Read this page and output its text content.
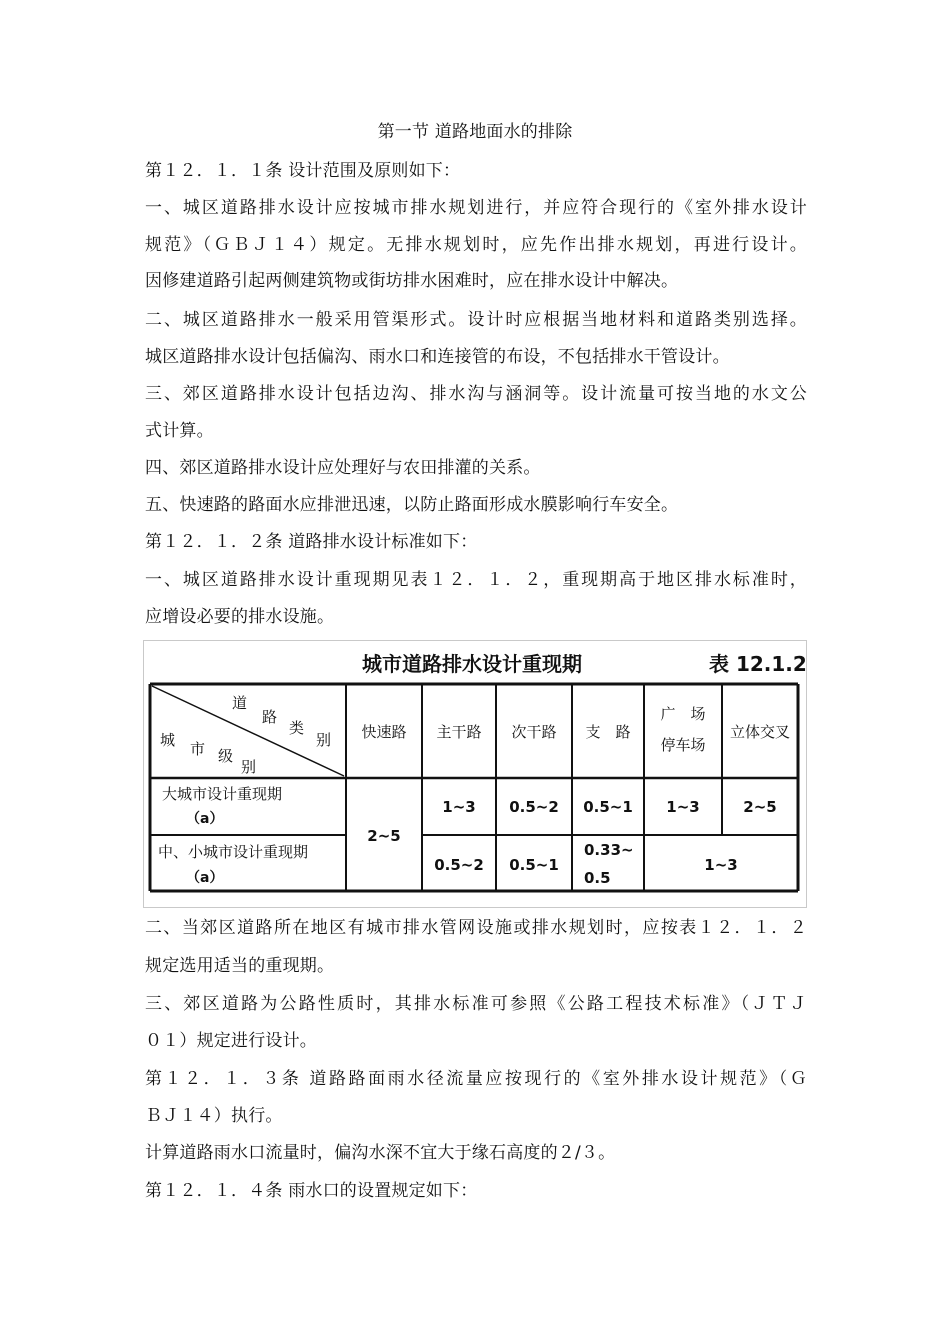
第一节 道路地面水的排除
第１２．１．１条 设计范围及原则如下：
一、城区道路排水设计应按城市排水规划进行，并应符合现行的《室外排水设计
规范》（ＧＢＪ１４）规定。无排水规划时，应先作出排水规划，再进行设计。
因修建道路引起两侧建筑物或街坊排水困难时，应在排水设计中解决。
二、城区道路排水一般采用管渠形式。设计时应根据当地材料和道路类别选择。
城区道路排水设计包括偏沟、雨水口和连接管的布设，不包括排水干管设计。
三、郊区道路排水设计包括边沟、排水沟与涵洞等。设计流量可按当地的水文公
式计算。
四、郊区道路排水设计应处理好与农田排灌的关系。
五、快速路的路面水应排泄迅速，以防止路面形成水膜影响行车安全。
第１２．１．２条 道路排水设计标准如下：
一、城区道路排水设计重现期见表１２．１．２，重现期高于地区排水标准时，
应增设必要的排水设施。
城市道路排水设计重现期	表 12.1.2
道
路
类
别
城 市 级
别
快速路 主干路 次干路 支　路
广　场
停车场
立体交叉
大城市设计重现期
（a）
中、小城市设计重现期
（a）
2~5
1~3 0.5~2 0.5~1 1~3	2~5
0.5~2 0.5~1
0.33~
0.5
1~3
二、当郊区道路所在地区有城市排水管网设施或排水规划时，应按表１２．１．２
规定选用适当的重现期。
三、郊区道路为公路性质时，其排水标准可参照《公路工程技术标准》（ＪＴＪ
０１）规定进行设计。
第１２．１．３条 道路路面雨水径流量应按现行的《室外排水设计规范》（Ｇ
ＢＪ１４）执行。
计算道路雨水口流量时，偏沟水深不宜大于缘石高度的２/３。
第１２．１．４条 雨水口的设置规定如下：
